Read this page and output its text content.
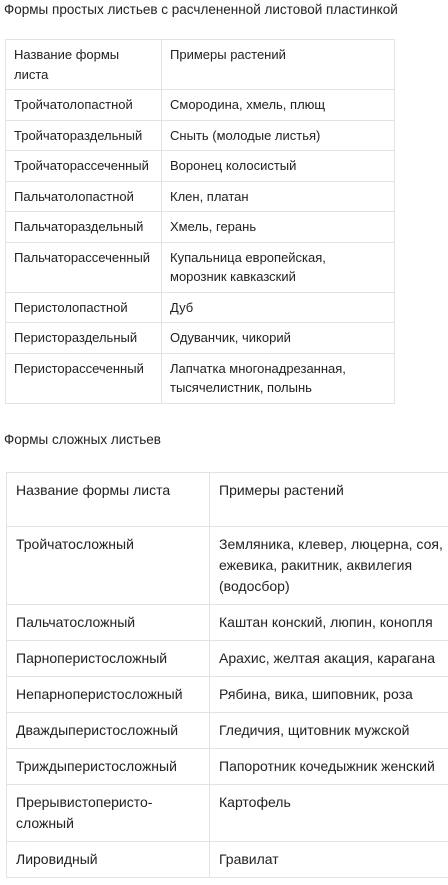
Формы простых листьев с расчлененной листовой пластинкой

Название формы листа	Примеры растений
Тройчатолопастной	Смородина, хмель, плющ
Тройчатораздельный	Сныть (молодые листья)
Тройчаторассеченный	Воронец колосистый
Пальчатолопастной	Клен, платан
Пальчатораздельный	Хмель, герань
Пальчаторассеченный	Купальница европейская, морозник кавказский
Перистолопастной	Дуб
Перистораздельный	Одуванчик, чикорий
Перисторассеченный	Лапчатка многонадрезанная, тысячелистник, полынь

Формы сложных листьев

Название формы листа	Примеры растений
Тройчатосложный	Земляника, клевер, люцерна, соя, ежевика, ракитник, аквилегия (водосбор)
Пальчатосложный	Каштан конский, люпин, конопля
Парноперистосложный	Арахис, желтая акация, карагана
Непарноперистосложный	Рябина, вика, шиповник, роза
Дваждыперистосложный	Гледичия, щитовник мужской
Триждыперистосложный	Папоротник кочедыжник женский
Прерывистоперисто-сложный	Картофель
Лировидный	Гравилат
